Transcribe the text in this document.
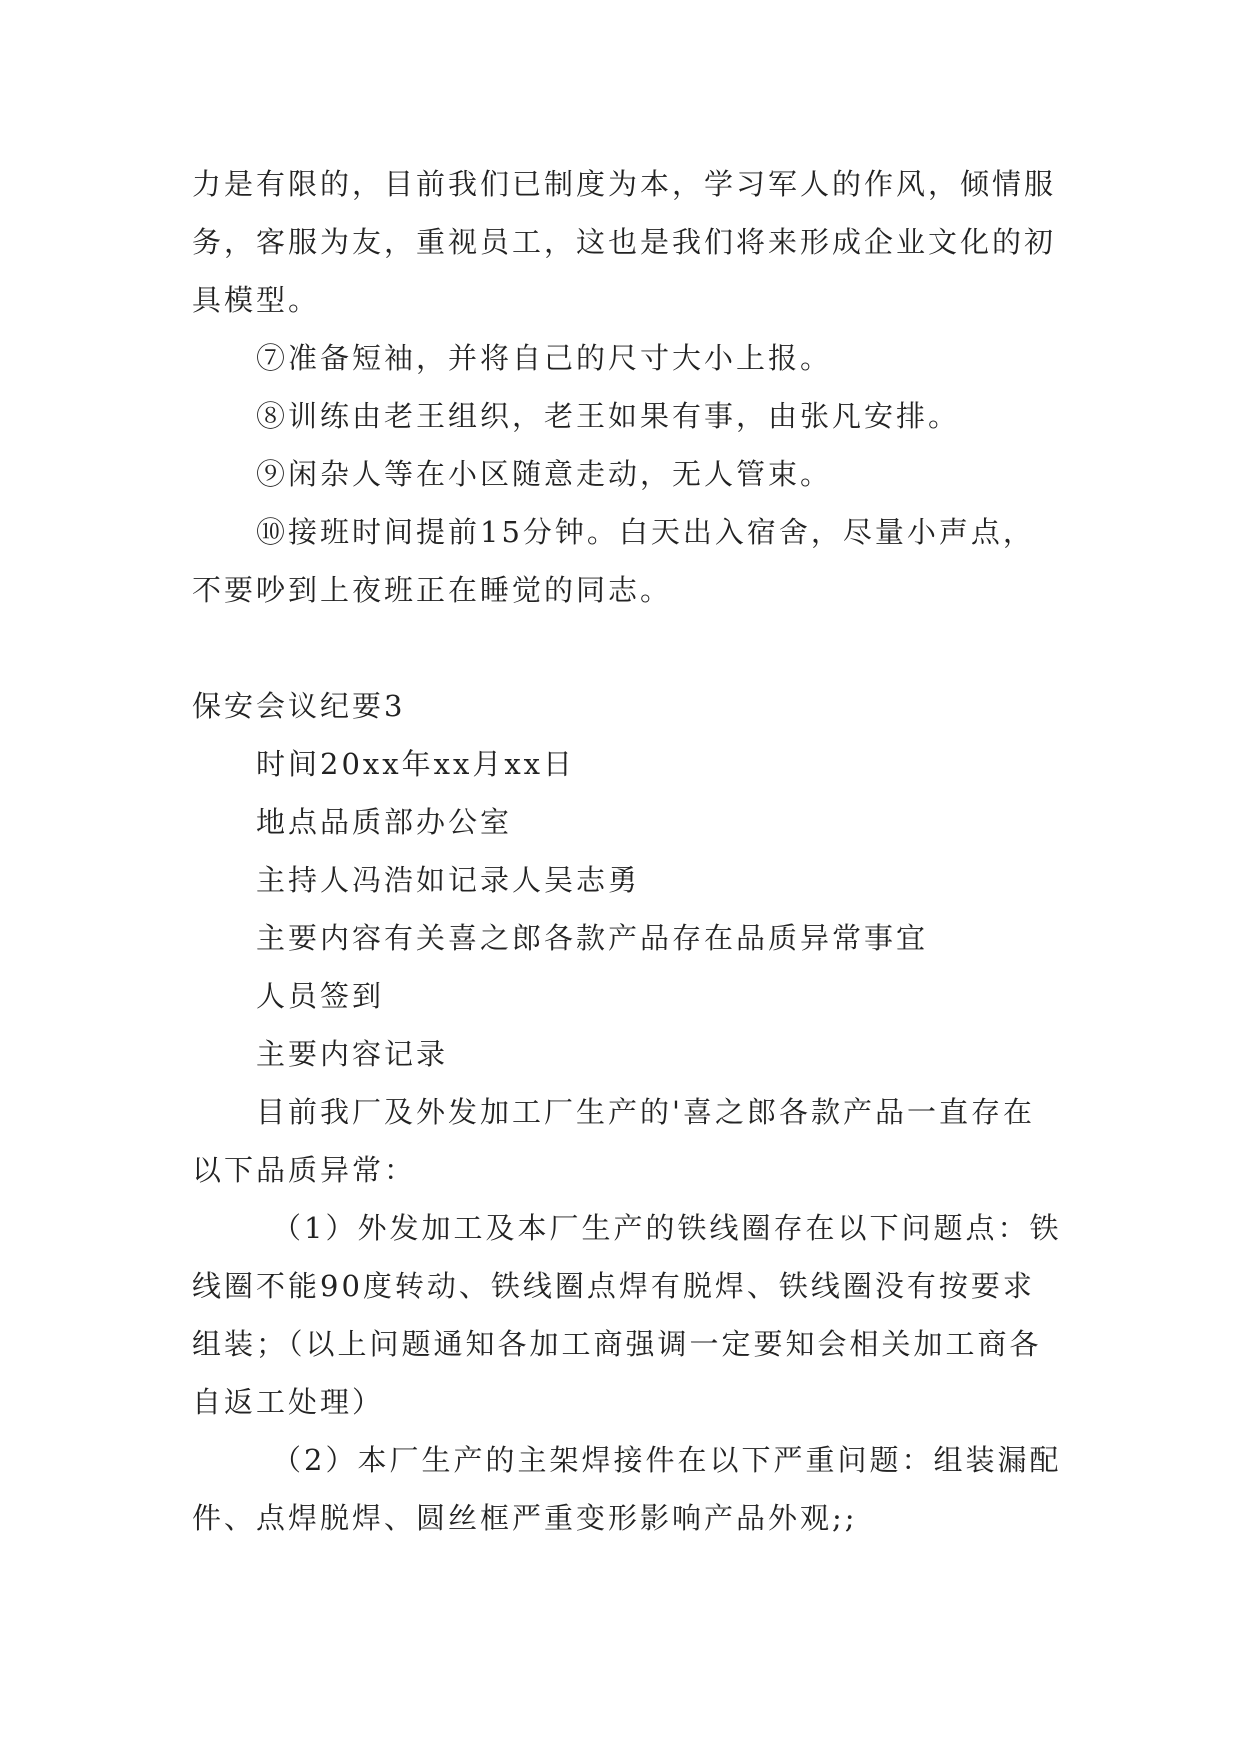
力是有限的，目前我们已制度为本，学习军人的作风，倾情服务，客服为友，重视员工，这也是我们将来形成企业文化的初具模型。

⑦准备短袖，并将自己的尺寸大小上报。

⑧训练由老王组织，老王如果有事，由张凡安排。

⑨闲杂人等在小区随意走动，无人管束。

⑩接班时间提前15分钟。白天出入宿舍，尽量小声点，不要吵到上夜班正在睡觉的同志。

保安会议纪要3

时间20xx年xx月xx日

地点品质部办公室

主持人冯浩如记录人吴志勇

主要内容有关喜之郎各款产品存在品质异常事宜

人员签到

主要内容记录

目前我厂及外发加工厂生产的'喜之郎各款产品一直存在以下品质异常：

（1）外发加工及本厂生产的铁线圈存在以下问题点：铁线圈不能90度转动、铁线圈点焊有脱焊、铁线圈没有按要求组装；（以上问题通知各加工商强调一定要知会相关加工商各自返工处理）

（2）本厂生产的主架焊接件在以下严重问题：组装漏配件、点焊脱焊、圆丝框严重变形影响产品外观;;
